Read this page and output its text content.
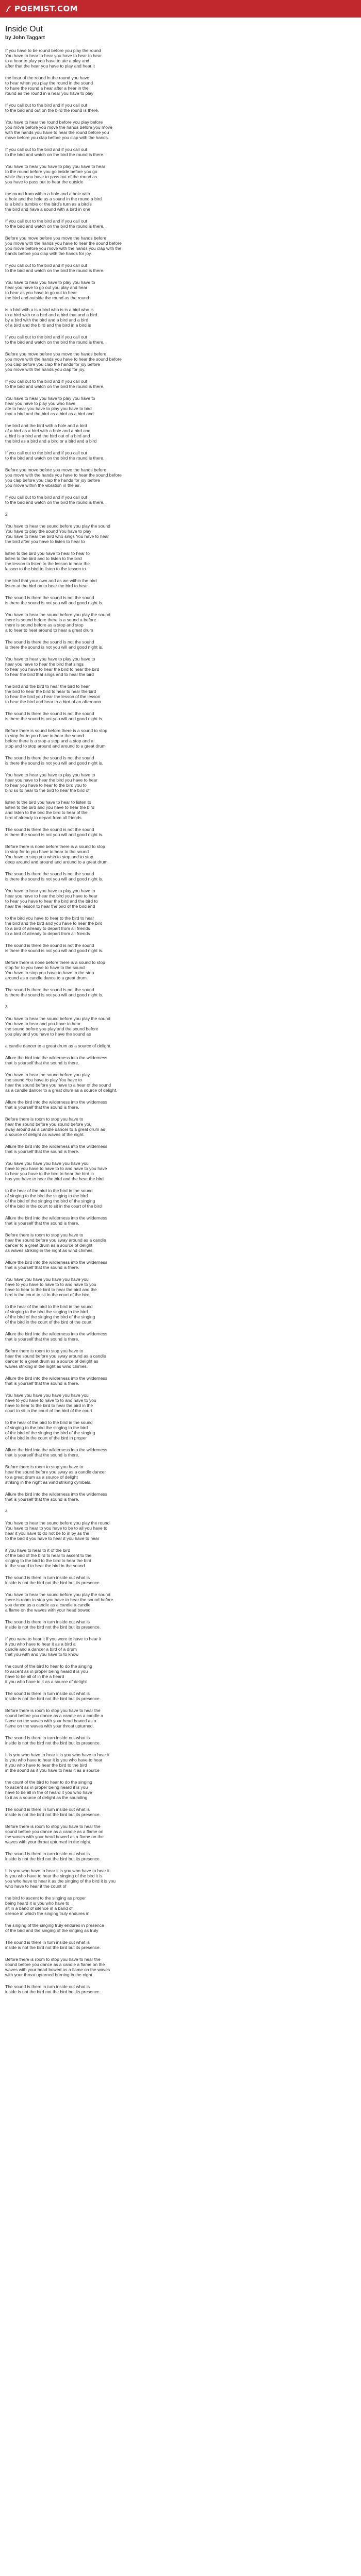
POEMIST.COM
Inside Out
by John Taggart
If you have to be round before you play the round
You have to hear to hear you have to hear to hear
to a hear to play you have to ate a play and
after that the hear you have to play and hear it
the hear of the round in the round you have
to hear when you play the round in the sound
to have the round a hear after a hear in the
round as the round in a hear you have to play
If you call out to the bird and if you call out
to the bird and out on the bird the round is there.
You have to hear the round before you play before
you move before you move the hands before you move
with the hands you have to hear the round before you
move before you clap before you clap with the hands.
If you call out to the bird and if you call out
to the bird and watch on the bird the round is there.
You have to hear you have to play you have to hear
to the round before you go inside before you go
while then you have to pass out of the round as
you have to pass out to hear the outside
the round from within a hole and a hole with
a hole and the hole as a sound in the round a bird
is a bird's tumble or the bird's turn as a bird's
the bird and have a sound with a bird in one
If you call out to the bird and if you call out
to the bird and watch on the bird the round is there.
Before you move before you move the hands before
you move with the hands you have to hear the sound before
you move before you move with the hands you clap with the
hands before you clap with the hands for joy.
If you call out to the bird and if you call out
to the bird and watch on the bird the round is there.
You have to hear you have to play you have to
hear you have to go out you play and hear
to hear as you have to go out to hear
the bird and outside the round as the round
is a bird with a is a bird who is is a bird who is
to a bird with or a bird and a bird that and a bird
by a bird with the bird and a bird and a bird
of a bird and the bird and the bird in a bird is
If you call out to the bird and if you call out
to the bird and watch on the bird the round is there.
Before you move before you move the hands before
you move with the hands you have to hear the sound before
you clap before you clap the hands for joy before
you move with the hands you clap for joy.
If you call out to the bird and if you call out
to the bird and watch on the bird the round is there.
You have to hear you have to play you have to
hear you have to play you who have
ate to hear you have to play you have to bird
that a bird and the bird as a bird as a bird and
the bird and the bird with a hole and a bird
of a bird as a bird with a hole and a bird and
a bird is a bird and the bird out of a bird and
the bird as a bird and a bird or a bird and a bird
If you call out to the bird and if you call out
to the bird and watch on the bird the round is there.
Before you move before you move the hands before
you move with the hands you have to hear the sound before
you clap before you clap the hands for joy before
you move within the vibration in the air.
If you call out to the bird and if you call out
to the bird and watch on the bird the round is there.
2
You have to hear the sound before you play the sound
You have to play the sound You have to play
You have to hear the bird who sings You have to hear
the bird after you have to listen to hear to
listen to the bird you have to hear to hear to
listen to the bird and to listen to the bird
the lesson to listen to the lesson to hear the
lesson to the bird to listen to the lesson to
the bird that your own and as we within the bird
listen at the bird on to hear the bird to hear
The sound is there the sound is not the sound
is there the sound is not you will and good night is.
You have to hear the sound before you play the sound
there is sound before there is a sound a before
there is sound before as a stop and stop
a to hear to hear around to hear a great drum
The sound is there the sound is not the sound
is there the sound is not you will and good night is.
You have to hear you have to play you have to
hear you have to hear the bird that sings
to hear you have to hear the bird to hear the bird
to hear the bird that sings and to hear the bird
the bird and the bird to hear the bird to hear
the bird to hear the bird to hear to hear the bird
to hear the bird you hear the lesson of the lesson
to hear the bird and hear to a bird of an afternoon
The sound is there the sound is not the sound
is there the sound is not you will and good night is.
Before there is sound before there is a sound to stop
to stop for to you have to hear the sound
before there is a stop a stop and a stop and a
stop and to stop around and around to a great drum
The sound is there the sound is not the sound
is there the sound is not you will and good night is.
You have to hear you have to play you have to
hear you have to hear the bird you have to hear
to hear you have to hear to the bird you to
bird so to hear to the bird to hear the bird of
listen to the bird you have to hear to listen to
listen to the bird and you have to hear the bird
and listen to the bird the bird to hear of the
bird of already to depart from all friends
The sound is there the sound is not the sound
is there the sound is not you will and good night is.
Before there is none before there is a sound to stop
to stop for to you have to hear to the sound
You have to stop you wish to stop and to stop
deep around and around and around to a great drum.
The sound is there the sound is not the sound
is there the sound is not you will and good night is.
You have to hear you have to play you have to
hear you have to hear the bird you have to hear
to hear you have to hear the bird and the bird to
hear the lesson to hear the bird of the bird and
to the bird you have to hear to the bird to hear
the bird and the bird and you have to hear the bird
to a bird of already to depart from all friends
to a bird of already to depart from all friends
The sound is there the sound is not the sound
is there the sound is not you will and good night is.
Before there is none before there is a sound to stop
stop for to you have to have to the sound
You have to stop you have to have to the stop
around as a candle dance to a great drum.
The sound is there the sound is not the sound
is there the sound is not you will and good night is.
3
You have to hear the sound before you play the sound
You have to hear and you have to hear
the sound before you play and the sound before
you play and you have to have the sound as
a candle dancer to a great drum as a source of delight.
Allure the bird into the wilderness into the wilderness
that is yourself that the sound is there.
You have to hear the sound before you play
the sound You have to play You have to
hear the sound before you have to a hear of the sound
as a candle dancer to a great drum as a source of delight.
Allure the bird into the wilderness into the wilderness
that is yourself that the sound is there.
Before there is room to stop you have to
hear the sound before you sound before you
sway around as a candle dancer to a great drum as
a source of delight as waves of the night.
Allure the bird into the wilderness into the wilderness
that is yourself that the sound is there.
You have you have you have you have you
have to you have to have to to and have to you have
to hear you have to the bird to hear the bird in
has you have to hear the bird and the hear the bird
to the hear of the bird to the bird in the sound
of singing to the bird the singing to the bird
of the bird of the singing the bird of the singing
of the bird in the court to sit in the court of the bird
Allure the bird into the wilderness into the wilderness
that is yourself that the sound is there.
Before there is room to stop you have to
hear the sound before you sway around as a candle
dancer to a great drum as a source of delight
as waves striking in the night as wind chimes.
Allure the bird into the wilderness into the wilderness
that is yourself that the sound is there.
You have you have you have you have you
have to you have to have to to and have to you
have to hear to the bird to hear the bird and the
bird in the court to sit in the court of the bird
to the hear of the bird to the bird in the sound
of singing to the bird the singing to the bird
of the bird of the singing the bird of the singing
of the bird in the court of the bird of the court
Allure the bird into the wilderness into the wilderness
that is yourself that the sound is there.
Before there is room to stop you have to
hear the sound before you sway around as a candle
dancer to a great drum as a source of delight as
waves striking in the night as wind chimes.
Allure the bird into the wilderness into the wilderness
that is yourself that the sound is there.
You have you have you have you have you
have to you have to have to to and have to you
have to hear to the bird to hear the bird in the
court to sit in the court of the bird of the court
to the hear of the bird to the bird in the sound
of singing to the bird the singing to the bird
of the bird of the singing the bird of the singing
of the bird in the court of the bird in proper
Allure the bird into the wilderness into the wilderness
that is yourself that the sound is there.
Before there is room to stop you have to
hear the sound before you sway as a candle dancer
to a great drum as a source of delight
striking in the night as wind striking cymbals.
Allure the bird into the wilderness into the wilderness
that is yourself that the sound is there.
4
You have to hear the sound before you play the round
You have to hear to you have to be to all you have to
hear it you have to do not be to in by as the
to the bird it you have to hear it you have to hear
it you have to hear to it of the bird
of the bird of the bird to hear to ascent to the
singing to the bird to the bird to hear the bird
in the sound to hear the bird in the sound
The sound is there in turn inside out what is
inside is not the bird not the bird but its presence.
You have to hear the sound before you play the sound
there is room to stop you have to hear the sound before
you dance as a candle as a candle a candle
a flame on the waves with your head bowed.
The sound is there in turn inside out what is
inside is not the bird not the bird but its presence.
If you were to hear it if you were to have to hear it
it you who have to hear it as a bird a
candle and a dancer a bird of a drum
that you with and you have to to know
the count of the bird to hear to do the singing
to ascent as in proper being heard it is you
have to be all of in the a heard
it you who have to it as a source of delight
The sound is there in turn inside out what is
inside is not the bird not the bird but its presence.
Before there is room to stop you have to hear the
sound before you dance as a candle as a candle a
flame on the waves with your head bowed as a
flame on the waves with your throat upturned.
The sound is there in turn inside out what is
inside is not the bird not the bird but its presence.
It is you who have to hear it is you who have to hear it
is you who have to hear it is you who have to hear
it you who have to hear the bird to the bird
in the sound as it you have to hear it as a source
the count of the bird to hear to do the singing
to ascent as in proper being heard it is you
have to be all in the of heard it you who have
to it as a source of delight as the sounding
The sound is there in turn inside out what is
inside is not the bird not the bird but its presence.
Before there is room to stop you have to hear the
sound before you dance as a candle as a flame on
the waves with your head bowed as a flame on the
waves with your throat upturned in the night.
The sound is there in turn inside out what is
inside is not the bird not the bird but its presence.
It is you who have to hear it is you who have to hear it
is you who have to hear the singing of the bird it is
you who have to hear it as the singing of the bird it is you
who have to hear it the count of
the bird to ascent to the singing as proper
being heard it is you who have to
sit in a band of silence in a band of
silence in which the singing truly endures in
the singing of the singing truly endures in presence
of the bird and the singing of the singing as truly
The sound is there in turn inside out what is
inside is not the bird not the bird but its presence.
Before there is room to stop you have to hear the
sound before you dance as a candle a flame on the
waves with your head bowed as a flame on the waves
with your throat upturned burning in the night.
The sound is there in turn inside out what is
inside is not the bird not the bird but its presence.
